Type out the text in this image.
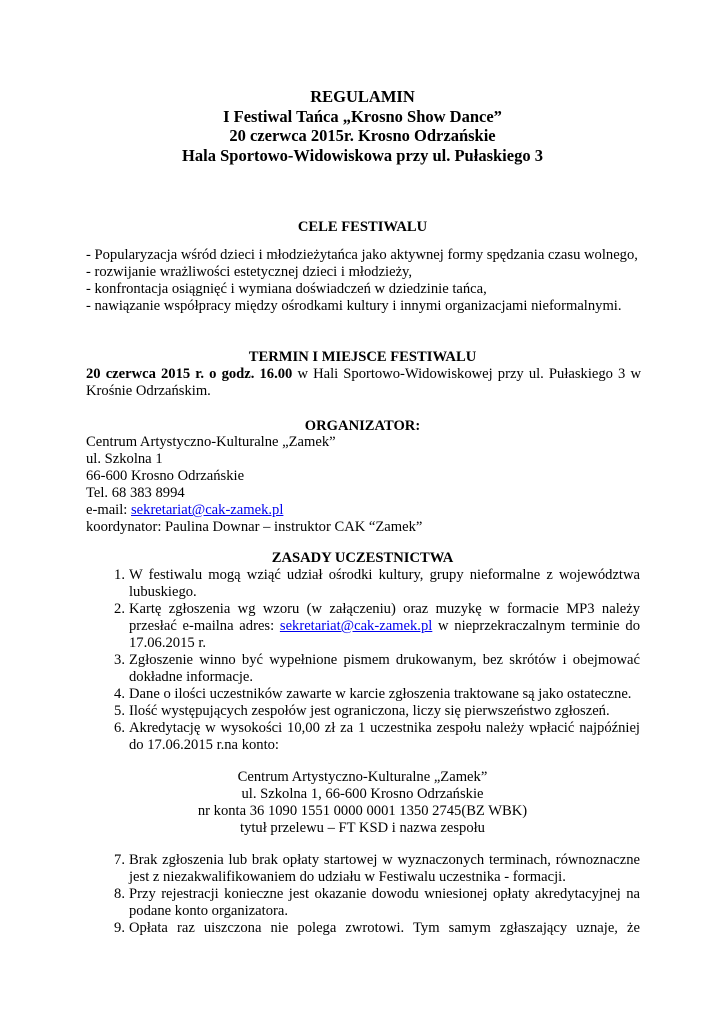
REGULAMIN
I Festiwal Tańca „Krosno Show Dance”
20 czerwca 2015r. Krosno Odrzańskie
Hala Sportowo-Widowiskowa przy ul. Pułaskiego 3
CELE FESTIWALU
- Popularyzacja wśród dzieci i młodzieżytańca jako aktywnej formy spędzania czasu wolnego,
- rozwijanie wrażliwości estetycznej dzieci i młodzieży,
- konfrontacja osiągnięć i wymiana doświadczeń w dziedzinie tańca,
- nawiązanie współpracy między ośrodkami kultury i innymi organizacjami nieformalnymi.
TERMIN I MIEJSCE FESTIWALU
20 czerwca 2015 r. o godz. 16.00 w Hali Sportowo-Widowiskowej przy ul. Pułaskiego 3 w Krośnie Odrzańskim.
ORGANIZATOR:
Centrum Artystyczno-Kulturalne „Zamek”
ul. Szkolna 1
66-600 Krosno Odrzańskie
Tel. 68 383 8994
e-mail: sekretariat@cak-zamek.pl
koordynator: Paulina Downar – instruktor CAK “Zamek”
ZASADY UCZESTNICTWA
1. W festiwalu mogą wziąć udział ośrodki kultury, grupy nieformalne z województwa lubuskiego.
2. Kartę zgłoszenia wg wzoru (w załączeniu) oraz muzykę w formacie MP3 należy przesłać e-mailna adres: sekretariat@cak-zamek.pl w nieprzekraczalnym terminie do 17.06.2015 r.
3. Zgłoszenie winno być wypełnione pismem drukowanym, bez skrótów i obejmować dokładne informacje.
4. Dane o ilości uczestników zawarte w karcie zgłoszenia traktowane są jako ostateczne.
5. Ilość występujących zespołów jest ograniczona, liczy się pierwszeństwo zgłoszeń.
6. Akredytację w wysokości 10,00 zł za 1 uczestnika zespołu należy wpłacić najpóźniej do 17.06.2015 r.na konto:
Centrum Artystyczno-Kulturalne „Zamek”
ul. Szkolna 1, 66-600 Krosno Odrzańskie
nr konta 36 1090 1551 0000 0001 1350 2745(BZ WBK)
tytuł przelewu – FT KSD i nazwa zespołu
7. Brak zgłoszenia lub brak opłaty startowej w wyznaczonych terminach, równoznaczne jest z niezakwalifikowaniem do udziału w Festiwalu uczestnika - formacji.
8. Przy rejestracji konieczne jest okazanie dowodu wniesionej opłaty akredytacyjnej na podane konto organizatora.
9. Opłata raz uiszczona nie polega zwrotowi. Tym samym zgłaszający uznaje, że
